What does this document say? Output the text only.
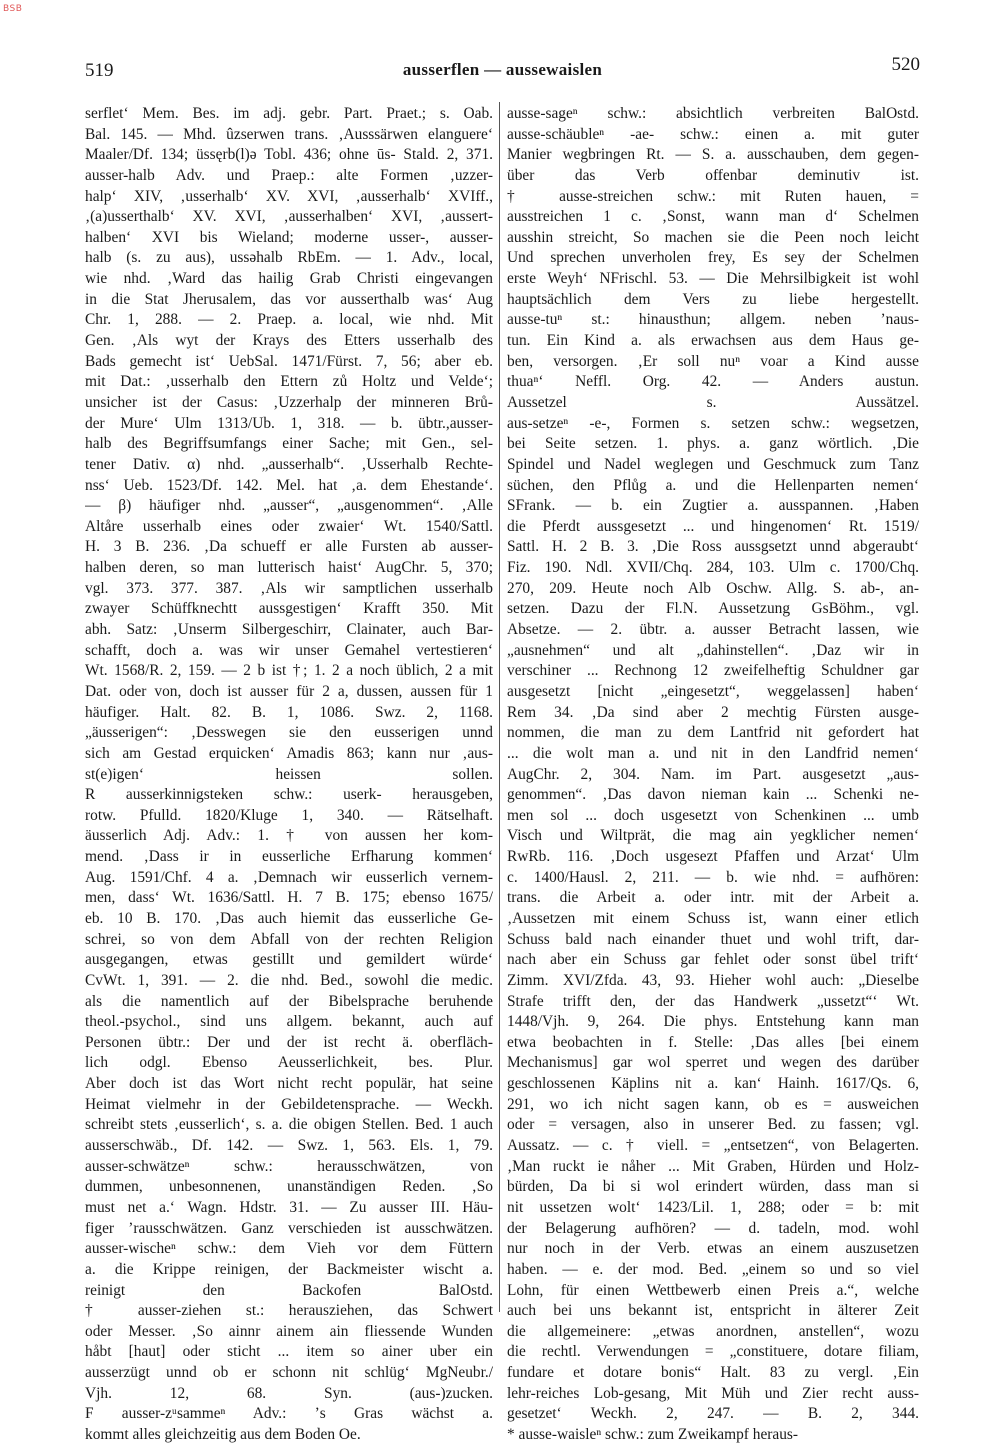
BSB
519	ausserflen — aussewaislen	520
serflet‘ Mem. Bes. im adj. gebr. Part. Praet.; s. Oab.
Bal. 145. — Mhd. ûzserwen trans. ‚Ausssärwen elanguere‘
Maaler/Df. 134; üssęrb(l)ə Tobl. 436; ohne ūs- Stald. 2, 371.
ausser-halb Adv. und Praep.: alte Formen ‚uzzer-
halp‘ XIV, ‚usserhalb‘ XV. XVI, ‚ausserhalb‘ XVIff.,
‚(a)usserthalb‘ XV. XVI, ‚ausserhalben‘ XVI, ‚aussert-
halben‘ XVI bis Wieland; moderne usser-, ausser-
halb (s. zu aus), ussəhalb RbEm. — 1. Adv., local,
wie nhd. ‚Ward das hailig Grab Christi eingevangen
in die Stat Jherusalem, das vor ausserthalb was‘ Aug
Chr. 1, 288. — 2. Praep. a. local, wie nhd. Mit
Gen. ‚Als wyt der Krays des Etters usserhalb des
Bads gemecht ist‘ UebSal. 1471/Fürst. 7, 56; aber eb.
mit Dat.: ‚usserhalb den Ettern zů Holtz und Velde‘;
unsicher ist der Casus: ‚Uzzerhalp der minneren Brů-
der Mure‘ Ulm 1313/Ub. 1, 318. — b. übtr.,ausser-
halb des Begriffsumfangs einer Sache; mit Gen., sel-
tener Dativ. α) nhd. „ausserhalb“. ‚Usserhalb Rechte-
nss‘ Ueb. 1523/Df. 142. Mel. hat ‚a. dem Ehestande‘.
— β) häufiger nhd. „ausser“, „ausgenommen“. ‚Alle
Altåre usserhalb eines oder zwaier‘ Wt. 1540/Sattl.
H. 3 B. 236. ‚Da schueff er alle Fursten ab ausser-
halben deren, so man lutterisch haist‘ AugChr. 5, 370;
vgl. 373. 377. 387. ‚Als wir samptlichen usserhalb
zwayer Schüffknechtt aussgestigen‘ Krafft 350. Mit
abh. Satz: ‚Unserm Silbergeschirr, Clainater, auch Bar-
schafft, doch a. was wir unser Gemahel vertestieren‘
Wt. 1568/R. 2, 159. — 2 b ist †; 1. 2 a noch üblich, 2 a mit
Dat. oder von, doch ist ausser für 2 a, dussen, aussen für 1
häufiger. Halt. 82. B. 1, 1086. Swz. 2, 1168.
„äusserigen“: ‚Desswegen sie den eusserigen unnd
sich am Gestad erquicken‘ Amadis 863; kann nur ‚aus-
st(e)igen‘ heissen sollen.
R ausserkinnigsteken schw.: userk- herausgeben,
rotw. Pfulld. 1820/Kluge 1, 340. — Rätselhaft.
äusserlich Adj. Adv.: 1. † von aussen her kom-
mend. ‚Dass ir in eusserliche Erfharung kommen‘
Aug. 1591/Chf. 4 a. ‚Demnach wir eusserlich vernem-
men, dass‘ Wt. 1636/Sattl. H. 7 B. 175; ebenso 1675/
eb. 10 B. 170. ‚Das auch hiemit das eusserliche Ge-
schrei, so von dem Abfall von der rechten Religion
ausgegangen, etwas gestillt und gemildert würde‘
CvWt. 1, 391. — 2. die nhd. Bed., sowohl die medic.
als die namentlich auf der Bibelsprache beruhende
theol.-psychol., sind uns allgem. bekannt, auch auf
Personen übtr.: Der und der ist recht ä. oberfläch-
lich odgl. Ebenso Aeusserlichkeit, bes. Plur.
Aber doch ist das Wort nicht recht populär, hat seine
Heimat vielmehr in der Gebildetensprache. — Weckh.
schreibt stets ‚eusserlich‘, s. a. die obigen Stellen. Bed. 1 auch
ausserschwäb., Df. 142. — Swz. 1, 563. Els. 1, 79.
ausser-schwätzeⁿ schw.: herausschwätzen, von
dummen, unbesonnenen, unanständigen Reden. ‚So
must net a.‘ Wagn. Hdstr. 31. — Zu ausser III. Häu-
figer ʼrausschwätzen. Ganz verschieden ist ausschwätzen.
ausser-wischeⁿ schw.: dem Vieh vor dem Füttern
a. die Krippe reinigen, der Backmeister wischt a.
reinigt den Backofen BalOstd.
† ausser-ziehen st.: herausziehen, das Schwert
oder Messer. ‚So ainnr ainem ain fliessende Wunden
håbt [haut] oder sticht ... item so ainer uber ein
ausserzügt unnd ob er schonn nit schlüg‘ MgNeubr./
Vjh. 12, 68. Syn. (aus-)zucken.
F ausser-zᵘsammeⁿ Adv.: ʼs Gras wächst a.
kommt alles gleichzeitig aus dem Boden Oe.
ausse-sageⁿ schw.: absichtlich verbreiten BalOstd.
ausse-schäubleⁿ -ae- schw.: einen a. mit guter
Manier wegbringen Rt. — S. a. ausschauben, dem gegen-
über das Verb offenbar deminutiv ist.
† ausse-streichen schw.: mit Ruten hauen, =
ausstreichen 1 c. ‚Sonst, wann man d‘ Schelmen
ausshin streicht, So machen sie die Peen noch leicht
Und sprechen unverholen frey, Es sey der Schelmen
erste Weyh‘ NFrischl. 53. — Die Mehrsilbigkeit ist wohl
hauptsächlich dem Vers zu liebe hergestellt.
ausse-tuⁿ st.: hinausthun; allgem. neben ʼnaus-
tun. Ein Kind a. als erwachsen aus dem Haus ge-
ben, versorgen. ‚Er soll nuⁿ voar a Kind ausse
thuaⁿ‘ Neffl. Org. 42. — Anders austun.
Aussetzel s. Aussätzel.
aus-setzeⁿ -e-, Formen s. setzen schw.: wegsetzen,
bei Seite setzen. 1. phys. a. ganz wörtlich. ‚Die
Spindel und Nadel weglegen und Geschmuck zum Tanz
süchen, den Pflůg a. und die Hellenparten nemen‘
SFrank. — b. ein Zugtier a. ausspannen. ‚Haben
die Pferdt aussgesetzt ... und hingenomen‘ Rt. 1519/
Sattl. H. 2 B. 3. ‚Die Ross aussgsetzt unnd abgeraubt‘
Fiz. 190. Ndl. XVII/Chq. 284, 103. Ulm c. 1700/Chq.
270, 209. Heute noch Alb Oschw. Allg. S. ab-, an-
setzen. Dazu der Fl.N. Aussetzung GsBöhm., vgl.
Absetze. — 2. übtr. a. ausser Betracht lassen, wie
„ausnehmen“ und alt „dahinstellen“. ‚Daz wir in
verschiner ... Rechnong 12 zweifelheftig Schuldner gar
ausgesetzt [nicht „eingesetzt“, weggelassen] haben‘
Rem 34. ‚Da sind aber 2 mechtig Fürsten ausge-
nommen, die man zu dem Lantfrid nit gefordert hat
... die wolt man a. und nit in den Landfrid nemen‘
AugChr. 2, 304. Nam. im Part. ausgesetzt „aus-
genommen“. ‚Das davon nieman kain ... Schenki ne-
men sol ... doch usgesetzt von Schenkinen ... umb
Visch und Wiltprät, die mag ain yegklicher nemen‘
RwRb. 116. ‚Doch usgesezt Pfaffen und Arzat‘ Ulm
c. 1400/Hausl. 2, 211. — b. wie nhd. = aufhören:
trans. die Arbeit a. oder intr. mit der Arbeit a.
‚Aussetzen mit einem Schuss ist, wann einer etlich
Schuss bald nach einander thuet und wohl trift, dar-
nach aber ein Schuss gar fehlet oder sonst übel trift‘
Zimm. XVI/Zfda. 43, 93. Hieher wohl auch: „Dieselbe
Strafe trifft den, der das Handwerk „ussetzt“‘ Wt.
1448/Vjh. 9, 264. Die phys. Entstehung kann man
etwa beobachten in f. Stelle: ‚Das alles [bei einem
Mechanismus] gar wol sperret und wegen des darüber
geschlossenen Käplins nit a. kan‘ Hainh. 1617/Qs. 6,
291, wo ich nicht sagen kann, ob es = ausweichen
oder = versagen, also in unserer Bed. zu fassen; vgl.
Aussatz. — c. † viell. = „entsetzen“, von Belagerten.
‚Man ruckt ie nåher ... Mit Graben, Hürden und Holz-
bürden, Da bi si wol erindert würden, dass man si
nit ussetzen wolt‘ 1423/Lil. 1, 288; oder = b: mit
der Belagerung aufhören? — d. tadeln, mod. wohl
nur noch in der Verb. etwas an einem auszusetzen
haben. — e. der mod. Bed. „einem so und so viel
Lohn, für einen Wettbewerb einen Preis a.“, welche
auch bei uns bekannt ist, entspricht in älterer Zeit
die allgemeinere: „etwas anordnen, anstellen“, wozu
die rechtl. Verwendungen = „constituere, dotare filiam,
fundare et dotare bonis“ Halt. 83 zu vergl. ‚Ein
lehr-reiches Lob-gesang, Mit Müh und Zier recht auss-
gesetzet‘ Weckh. 2, 247. — B. 2, 344.
* ausse-waisleⁿ schw.: zum Zweikampf heraus-
